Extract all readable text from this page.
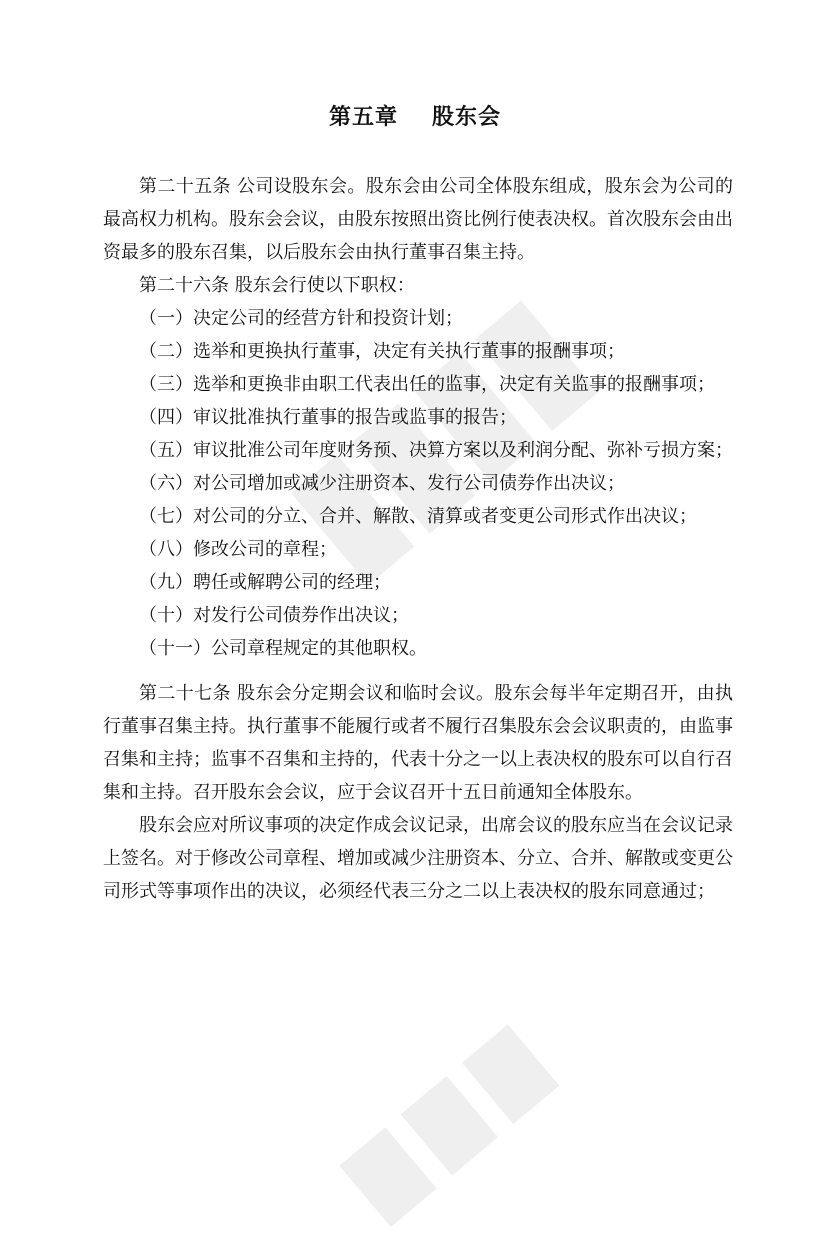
第五章 股东会

第二十五条 公司设股东会。股东会由公司全体股东组成，股东会为公司的最高权力机构。股东会会议，由股东按照出资比例行使表决权。首次股东会由出资最多的股东召集，以后股东会由执行董事召集主持。

第二十六条 股东会行使以下职权：

（一）决定公司的经营方针和投资计划；

（二）选举和更换执行董事，决定有关执行董事的报酬事项；

（三）选举和更换非由职工代表出任的监事，决定有关监事的报酬事项；

（四）审议批准执行董事的报告或监事的报告；

（五）审议批准公司年度财务预、决算方案以及利润分配、弥补亏损方案；

（六）对公司增加或减少注册资本、发行公司债券作出决议；

（七）对公司的分立、合并、解散、清算或者变更公司形式作出决议；

（八）修改公司的章程；

（九）聘任或解聘公司的经理；

（十）对发行公司债券作出决议；

（十一）公司章程规定的其他职权。

第二十七条 股东会分定期会议和临时会议。股东会每半年定期召开，由执行董事召集主持。执行董事不能履行或者不履行召集股东会会议职责的，由监事召集和主持；监事不召集和主持的，代表十分之一以上表决权的股东可以自行召集和主持。召开股东会会议，应于会议召开十五日前通知全体股东。

股东会应对所议事项的决定作成会议记录，出席会议的股东应当在会议记录上签名。对于修改公司章程、增加或减少注册资本、分立、合并、解散或变更公司形式等事项作出的决议，必须经代表三分之二以上表决权的股东同意通过；
